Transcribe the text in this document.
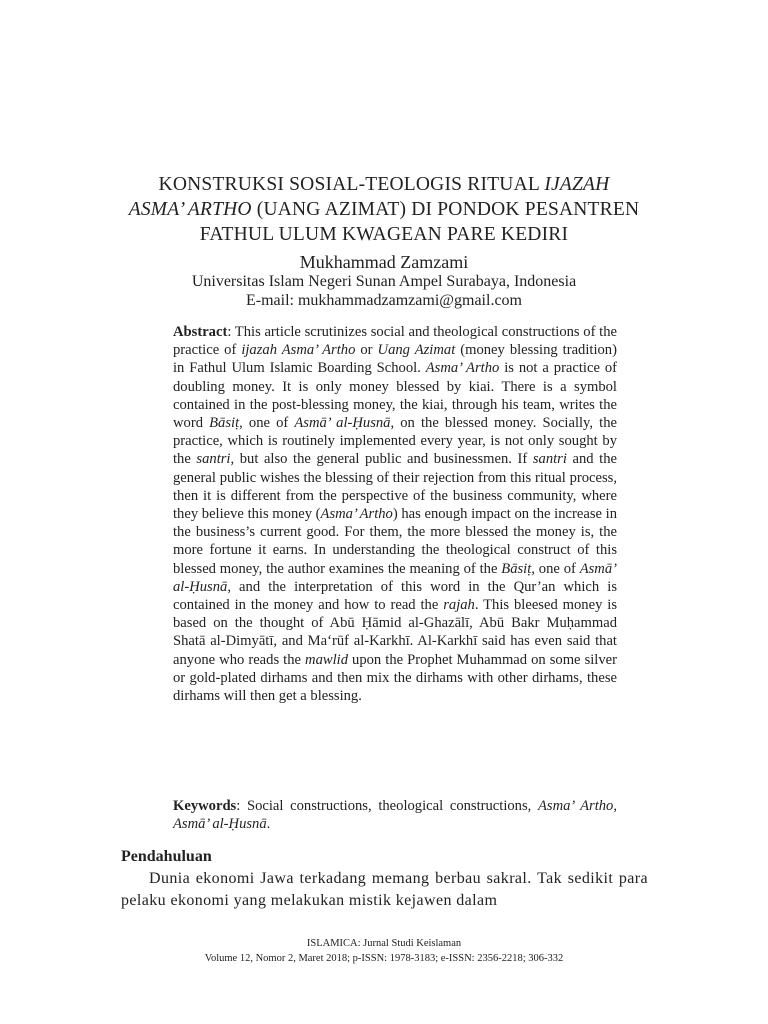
KONSTRUKSI SOSIAL-TEOLOGIS RITUAL IJAZAH
ASMA’ ARTHO (UANG AZIMAT) DI PONDOK PESANTREN
FATHUL ULUM KWAGEAN PARE KEDIRI
Mukhammad Zamzami
Universitas Islam Negeri Sunan Ampel Surabaya, Indonesia
E-mail: mukhammadzamzami@gmail.com
Abstract: This article scrutinizes social and theological constructions of the practice of ijazah Asma’ Artho or Uang Azimat (money blessing tradition) in Fathul Ulum Islamic Boarding School. Asma’ Artho is not a practice of doubling money. It is only money blessed by kiai. There is a symbol contained in the post-blessing money, the kiai, through his team, writes the word Bāsiṭ, one of Asmā’ al-Ḥusnā, on the blessed money. Socially, the practice, which is routinely implemented every year, is not only sought by the santri, but also the general public and businessmen. If santri and the general public wishes the blessing of their rejection from this ritual process, then it is different from the perspective of the business community, where they believe this money (Asma’ Artho) has enough impact on the increase in the business’s current good. For them, the more blessed the money is, the more fortune it earns. In understanding the theological construct of this blessed money, the author examines the meaning of the Bāsiṭ, one of Asmā’ al-Ḥusnā, and the interpretation of this word in the Qur’an which is contained in the money and how to read the rajah. This bleesed money is based on the thought of Abū Ḥāmid al-Ghazālī, Abū Bakr Muḥammad Shatā al-Dimyātī, and Ma‘rūf al-Karkhī. Al-Karkhī said has even said that anyone who reads the mawlid upon the Prophet Muhammad on some silver or gold-plated dirhams and then mix the dirhams with other dirhams, these dirhams will then get a blessing.
Keywords: Social constructions, theological constructions, Asma’ Artho, Asmā’ al-Ḥusnā.
Pendahuluan
Dunia ekonomi Jawa terkadang memang berbau sakral. Tak sedikit para pelaku ekonomi yang melakukan mistik kejawen dalam
ISLAMICA: Jurnal Studi Keislaman
Volume 12, Nomor 2, Maret 2018; p-ISSN: 1978-3183; e-ISSN: 2356-2218; 306-332
